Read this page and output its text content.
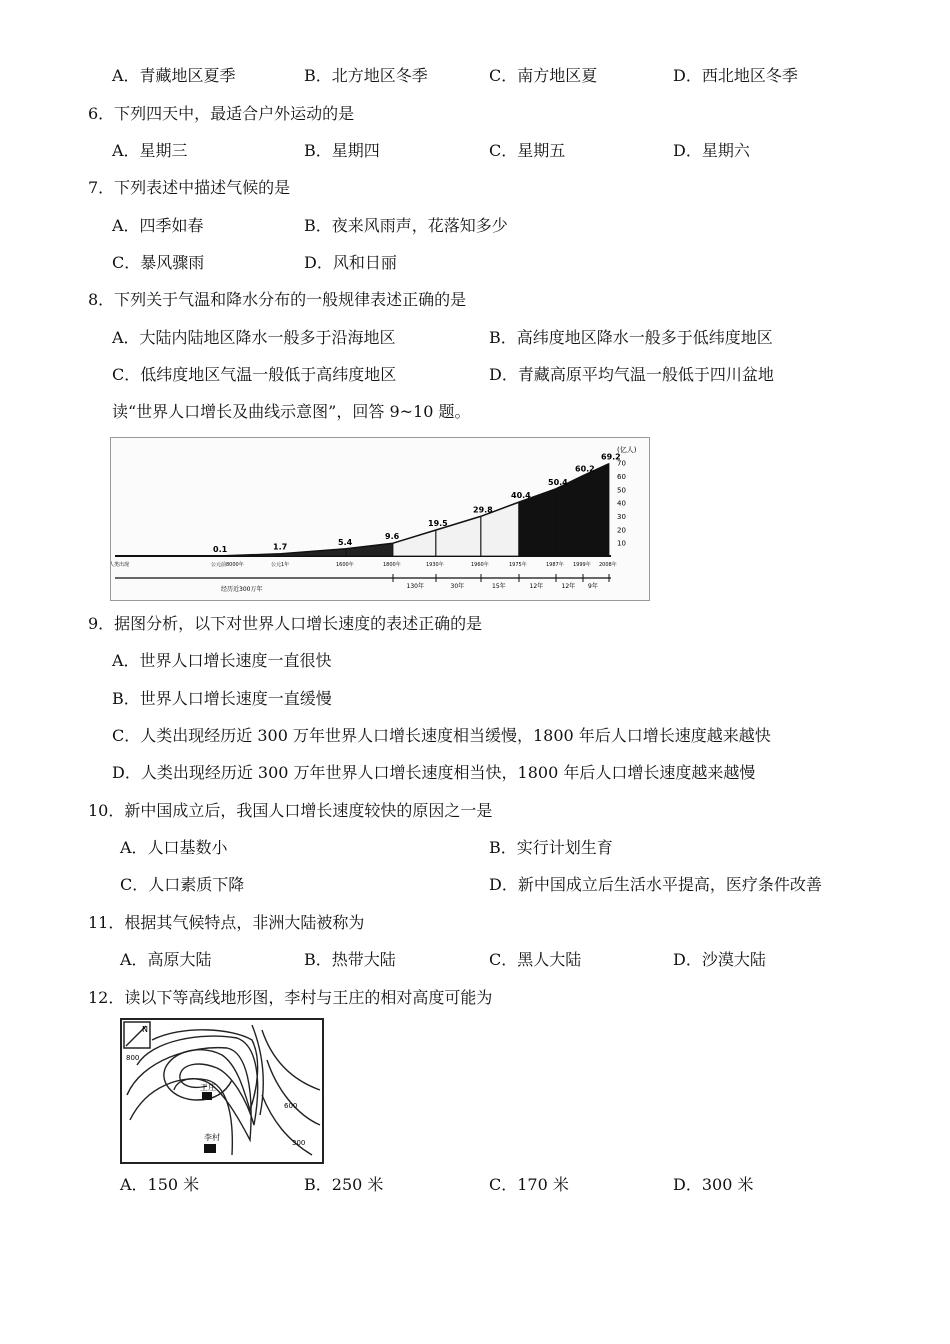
A．青藏地区夏季	B．北方地区冬季	C．南方地区夏	D．西北地区冬季
6．下列四天中，最适合户外运动的是
A．星期三	B．星期四	C．星期五	D．星期六
7．下列表述中描述气候的是
A．四季如春	B．夜来风雨声，花落知多少
C．暴风骤雨	D．风和日丽
8．下列关于气温和降水分布的一般规律表述正确的是
A．大陆内陆地区降水一般多于沿海地区	B．高纬度地区降水一般多于低纬度地区
C．低纬度地区气温一般低于高纬度地区	D．青藏高原平均气温一般低于四川盆地
读“世界人口增长及曲线示意图”，回答 9~10 题。
0.1	1.7
5.4
9.6
19.5
29.8
40.4
50.4
60.2
69.2
人类出现	公元前8000年	公元1年	1600年	1800年	1930年	1960年	1975年	1987年 1999年 2008年
(亿人)
70
60
50
40
30
20
10
经历近300万年	130年	30年	15年	12年	12年 9年
9．据图分析，以下对世界人口增长速度的表述正确的是
A．世界人口增长速度一直很快
B．世界人口增长速度一直缓慢
C．人类出现经历近 300 万年世界人口增长速度相当缓慢，1800 年后人口增长速度越来越快
D．人类出现经历近 300 万年世界人口增长速度相当快，1800 年后人口增长速度越来越慢
10．新中国成立后，我国人口增长速度较快的原因之一是
A．人口基数小	B．实行计划生育
C．人口素质下降	D．新中国成立后生活水平提高，医疗条件改善
11．根据其气候特点，非洲大陆被称为
A．高原大陆	B．热带大陆	C．黑人大陆	D．沙漠大陆
12．读以下等高线地形图，李村与王庄的相对高度可能为
N
800
600
300
王庄
李村
A．150 米	B．250 米	C．170 米	D．300 米
